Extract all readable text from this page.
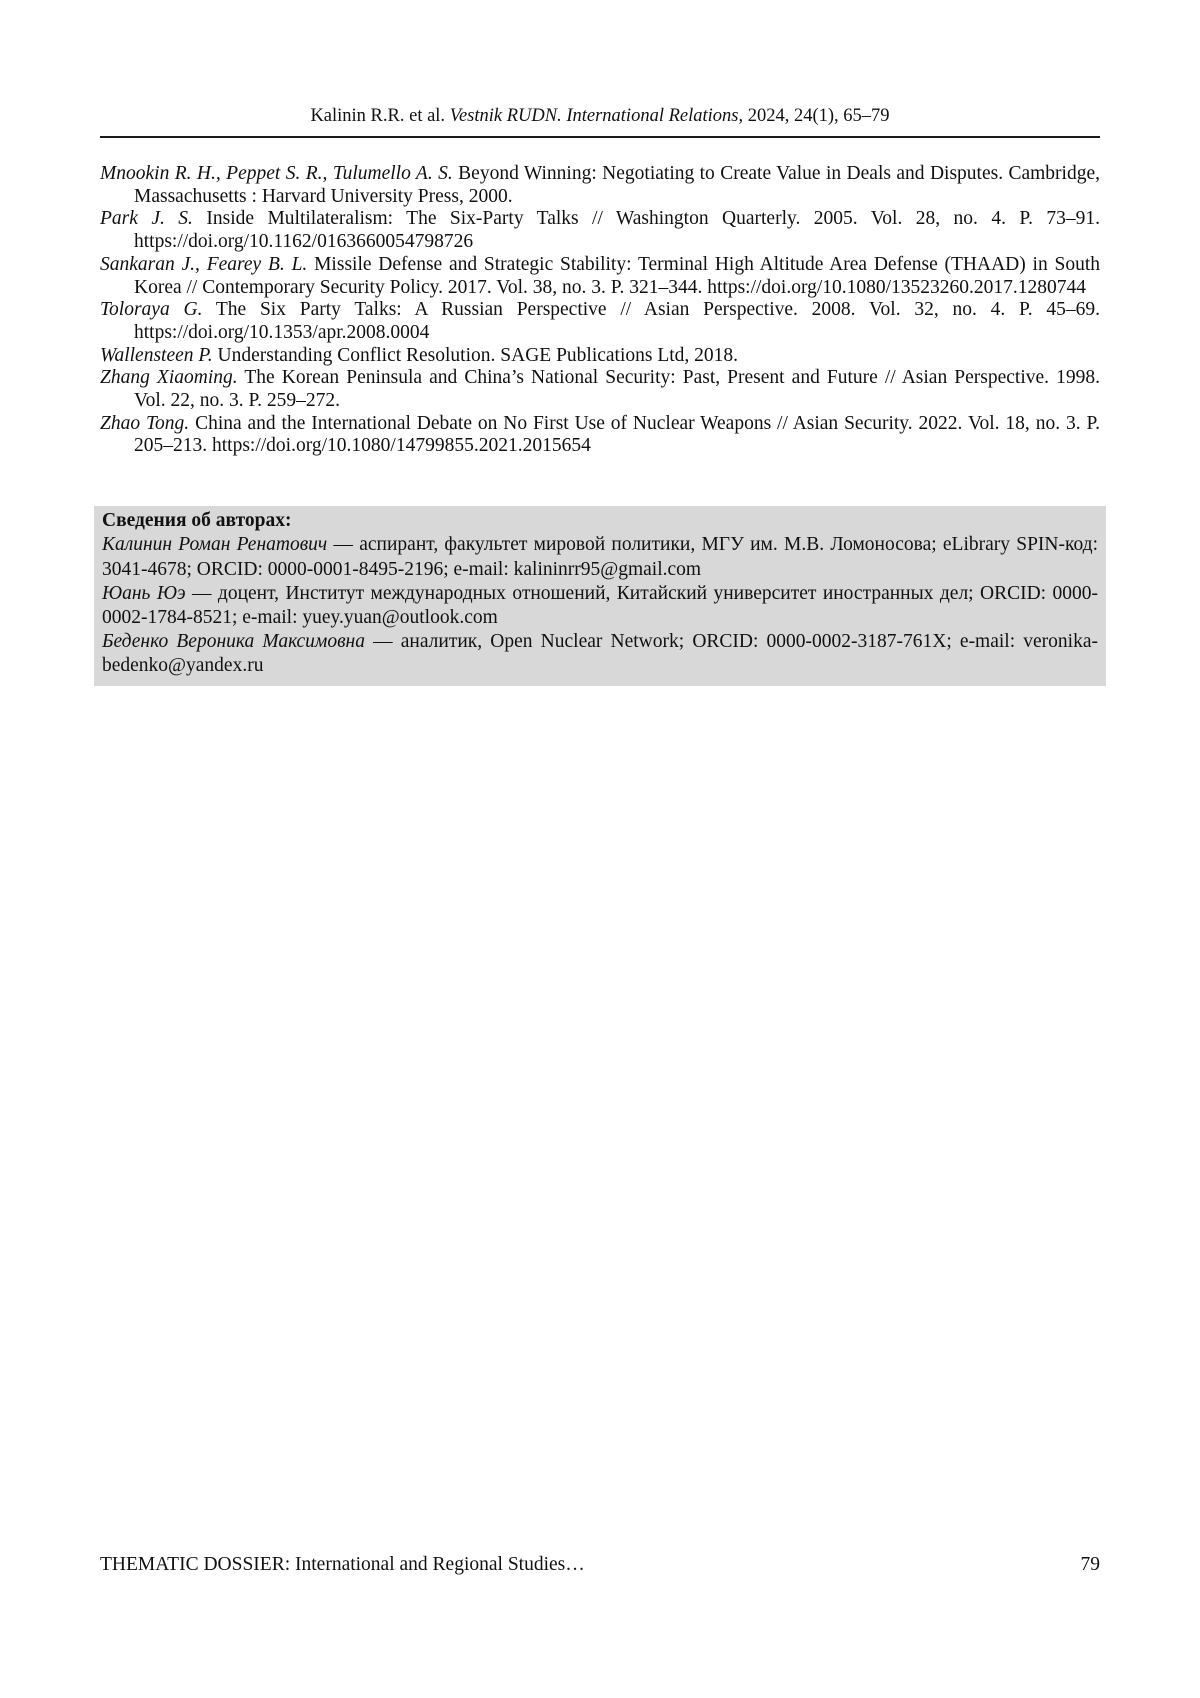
Kalinin R.R. et al. Vestnik RUDN. International Relations, 2024, 24(1), 65–79

Mnookin R. H., Peppet S. R., Tulumello A. S. Beyond Winning: Negotiating to Create Value in Deals and Disputes. Cambridge, Massachusetts : Harvard University Press, 2000.

Park J. S. Inside Multilateralism: The Six-Party Talks // Washington Quarterly. 2005. Vol. 28, no. 4. P. 73–91. https://doi.org/10.1162/0163660054798726

Sankaran J., Fearey B. L. Missile Defense and Strategic Stability: Terminal High Altitude Area Defense (THAAD) in South Korea // Contemporary Security Policy. 2017. Vol. 38, no. 3. P. 321–344. https://doi.org/10.1080/13523260.2017.1280744

Toloraya G. The Six Party Talks: A Russian Perspective // Asian Perspective. 2008. Vol. 32, no. 4. P. 45–69. https://doi.org/10.1353/apr.2008.0004

Wallensteen P. Understanding Conflict Resolution. SAGE Publications Ltd, 2018.

Zhang Xiaoming. The Korean Peninsula and China’s National Security: Past, Present and Future // Asian Perspective. 1998. Vol. 22, no. 3. P. 259–272.

Zhao Tong. China and the International Debate on No First Use of Nuclear Weapons // Asian Security. 2022. Vol. 18, no. 3. P. 205–213. https://doi.org/10.1080/14799855.2021.2015654

Сведения об авторах:

Калинин Роман Ренатович — аспирант, факультет мировой политики, МГУ им. М.В. Ломоносова; eLibrary SPIN-код: 3041-4678; ORCID: 0000-0001-8495-2196; e-mail: kalininrr95@gmail.com

Юань Юэ — доцент, Институт международных отношений, Китайский университет иностранных дел; ORCID: 0000-0002-1784-8521; e-mail: yuey.yuan@outlook.com

Беденко Вероника Максимовна — аналитик, Open Nuclear Network; ORCID: 0000-0002-3187-761X; e-mail: veronika-bedenko@yandex.ru

THEMATIC DOSSIER: International and Regional Studies…	79
